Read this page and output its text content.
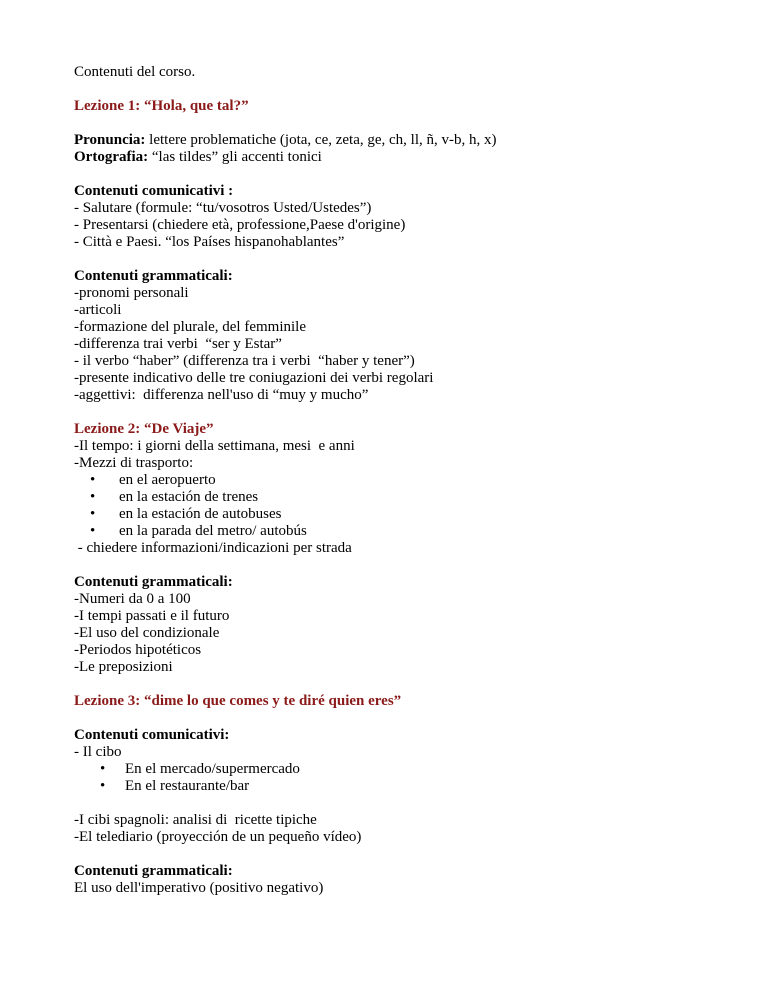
Contenuti del corso.
Lezione 1: “Hola, que tal?”
Pronuncia: lettere problematiche (jota, ce, zeta, ge, ch, ll, ñ, v-b, h, x)
Ortografia: “las tildes” gli accenti tonici
Contenuti comunicativi :
- Salutare (formule: “tu/vosotros Usted/Ustedes”)
- Presentarsi (chiedere età, professione,Paese d'origine)
- Città e Paesi. “los Países hispanohablantes”
Contenuti grammaticali:
-pronomi personali
-articoli
-formazione del plurale, del femminile
-differenza trai verbi  “ser y Estar”
- il verbo “haber” (differenza tra i verbi  “haber y tener”)
-presente indicativo delle tre coniugazioni dei verbi regolari
-aggettivi:  differenza nell'uso di “muy y mucho”
Lezione 2: “De Viaje”
-Il tempo: i giorni della settimana, mesi  e anni
-Mezzi di trasporto:
• en el aeropuerto
• en la estación de trenes
• en la estación de autobuses
• en la parada del metro/ autobús
- chiedere informazioni/indicazioni per strada
Contenuti grammaticali:
-Numeri da 0 a 100
-I tempi passati e il futuro
-El uso del condizionale
-Periodos hipotéticos
-Le preposizioni
Lezione 3: “dime lo que comes y te diré quien eres”
Contenuti comunicativi:
- Il cibo
• En el mercado/supermercado
• En el restaurante/bar
-I cibi spagnoli: analisi di  ricette tipiche
-El telediario (proyección de un pequeño vídeo)
Contenuti grammaticali:
El uso dell'imperativo (positivo negativo)
